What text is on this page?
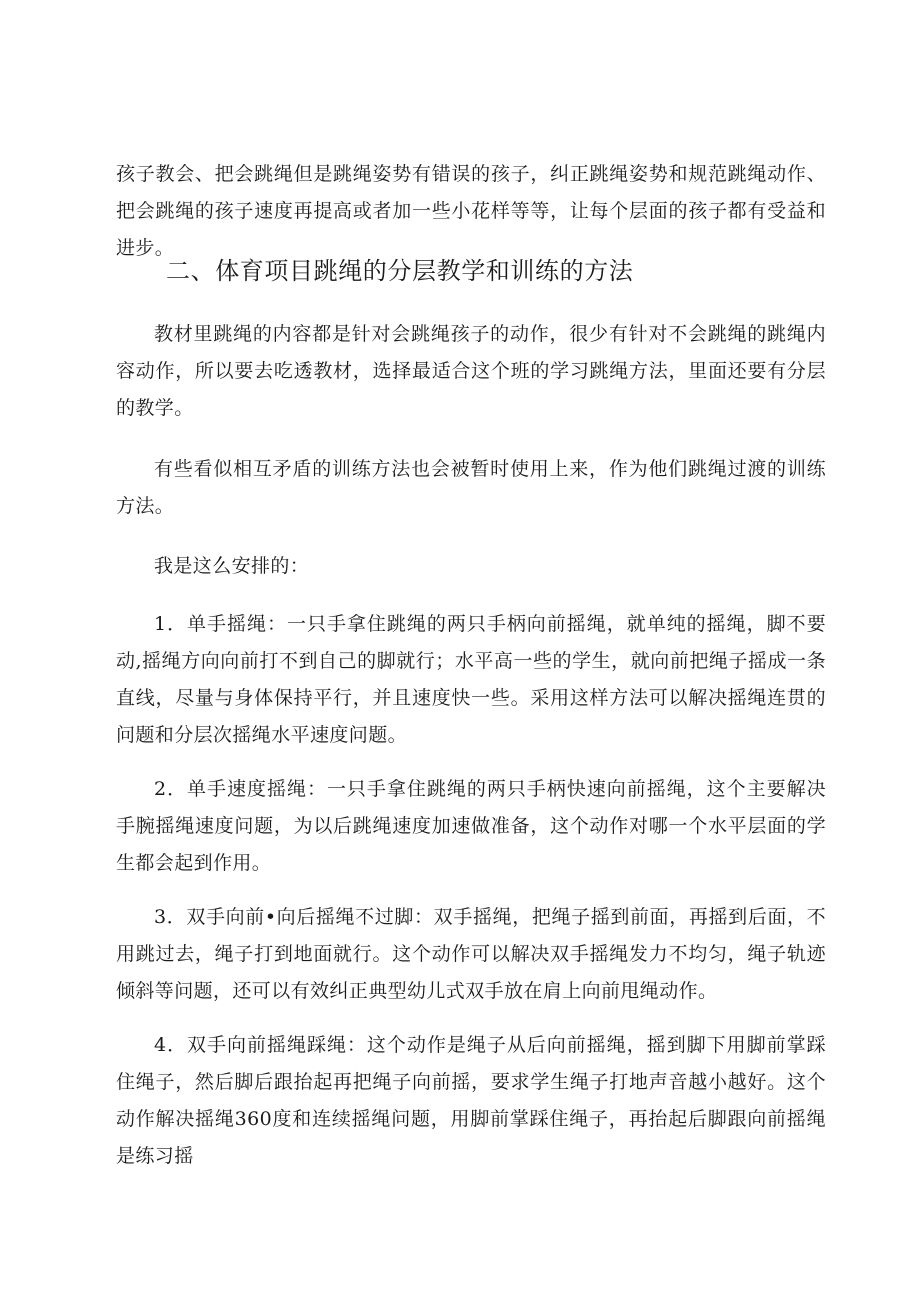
孩子教会、把会跳绳但是跳绳姿势有错误的孩子，纠正跳绳姿势和规范跳绳动作、把会跳绳的孩子速度再提高或者加一些小花样等等，让每个层面的孩子都有受益和进步。

二、体育项目跳绳的分层教学和训练的方法

教材里跳绳的内容都是针对会跳绳孩子的动作，很少有针对不会跳绳的跳绳内容动作，所以要去吃透教材，选择最适合这个班的学习跳绳方法，里面还要有分层的教学。

有些看似相互矛盾的训练方法也会被暂时使用上来，作为他们跳绳过渡的训练方法。

我是这么安排的：

1．单手摇绳：一只手拿住跳绳的两只手柄向前摇绳，就单纯的摇绳，脚不要动,摇绳方向向前打不到自己的脚就行；水平高一些的学生，就向前把绳子摇成一条直线，尽量与身体保持平行，并且速度快一些。采用这样方法可以解决摇绳连贯的问题和分层次摇绳水平速度问题。

2．单手速度摇绳：一只手拿住跳绳的两只手柄快速向前摇绳，这个主要解决手腕摇绳速度问题，为以后跳绳速度加速做准备，这个动作对哪一个水平层面的学生都会起到作用。

3．双手向前•向后摇绳不过脚：双手摇绳，把绳子摇到前面，再摇到后面，不用跳过去，绳子打到地面就行。这个动作可以解决双手摇绳发力不均匀，绳子轨迹倾斜等问题，还可以有效纠正典型幼儿式双手放在肩上向前甩绳动作。

4．双手向前摇绳踩绳：这个动作是绳子从后向前摇绳，摇到脚下用脚前掌踩住绳子，然后脚后跟抬起再把绳子向前摇，要求学生绳子打地声音越小越好。这个动作解决摇绳360度和连续摇绳问题，用脚前掌踩住绳子，再抬起后脚跟向前摇绳是练习摇
